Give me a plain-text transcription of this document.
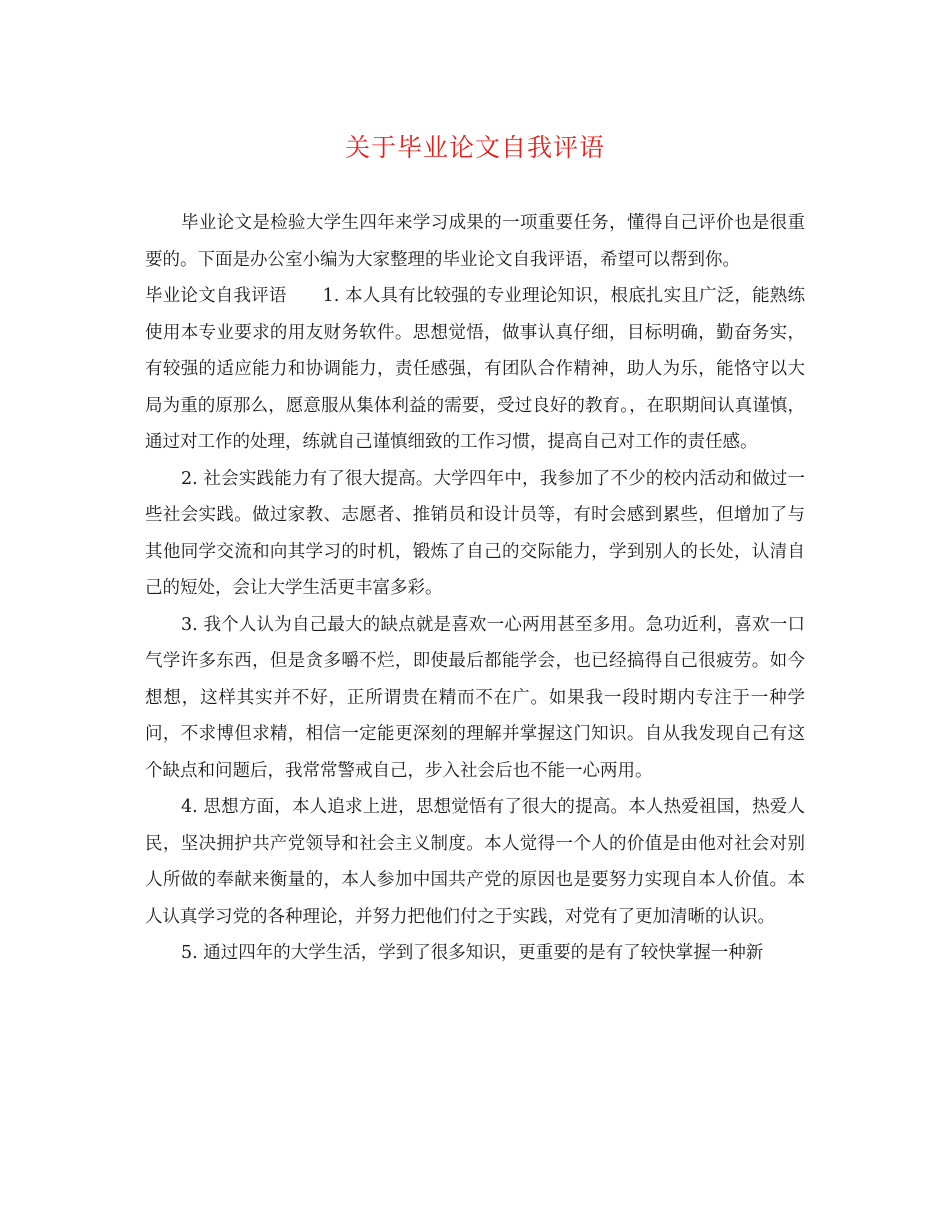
关于毕业论文自我评语

毕业论文是检验大学生四年来学习成果的一项重要任务，懂得自己评价也是很重要的。下面是办公室小编为大家整理的毕业论文自我评语，希望可以帮到你。

毕业论文自我评语 1. 本人具有比较强的专业理论知识，根底扎实且广泛，能熟练使用本专业要求的用友财务软件。思想觉悟，做事认真仔细，目标明确，勤奋务实，有较强的适应能力和协调能力，责任感强，有团队合作精神，助人为乐，能恪守以大局为重的原那么，愿意服从集体利益的需要，受过良好的教育。，在职期间认真谨慎，通过对工作的处理，练就自己谨慎细致的工作习惯，提高自己对工作的责任感。

2. 社会实践能力有了很大提高。大学四年中，我参加了不少的校内活动和做过一些社会实践。做过家教、志愿者、推销员和设计员等，有时会感到累些，但增加了与其他同学交流和向其学习的时机，锻炼了自己的交际能力，学到别人的长处，认清自己的短处，会让大学生活更丰富多彩。

3. 我个人认为自己最大的缺点就是喜欢一心两用甚至多用。急功近利，喜欢一口气学许多东西，但是贪多嚼不烂，即使最后都能学会，也已经搞得自己很疲劳。如今想想，这样其实并不好，正所谓贵在精而不在广。如果我一段时期内专注于一种学问，不求博但求精，相信一定能更深刻的理解并掌握这门知识。自从我发现自己有这个缺点和问题后，我常常警戒自己，步入社会后也不能一心两用。

4. 思想方面，本人追求上进，思想觉悟有了很大的提高。本人热爱祖国，热爱人民，坚决拥护共产党领导和社会主义制度。本人觉得一个人的价值是由他对社会对别人所做的奉献来衡量的，本人参加中国共产党的原因也是要努力实现自本人价值。本人认真学习党的各种理论，并努力把他们付之于实践，对党有了更加清晰的认识。

5. 通过四年的大学生活，学到了很多知识，更重要的是有了较快掌握一种新
